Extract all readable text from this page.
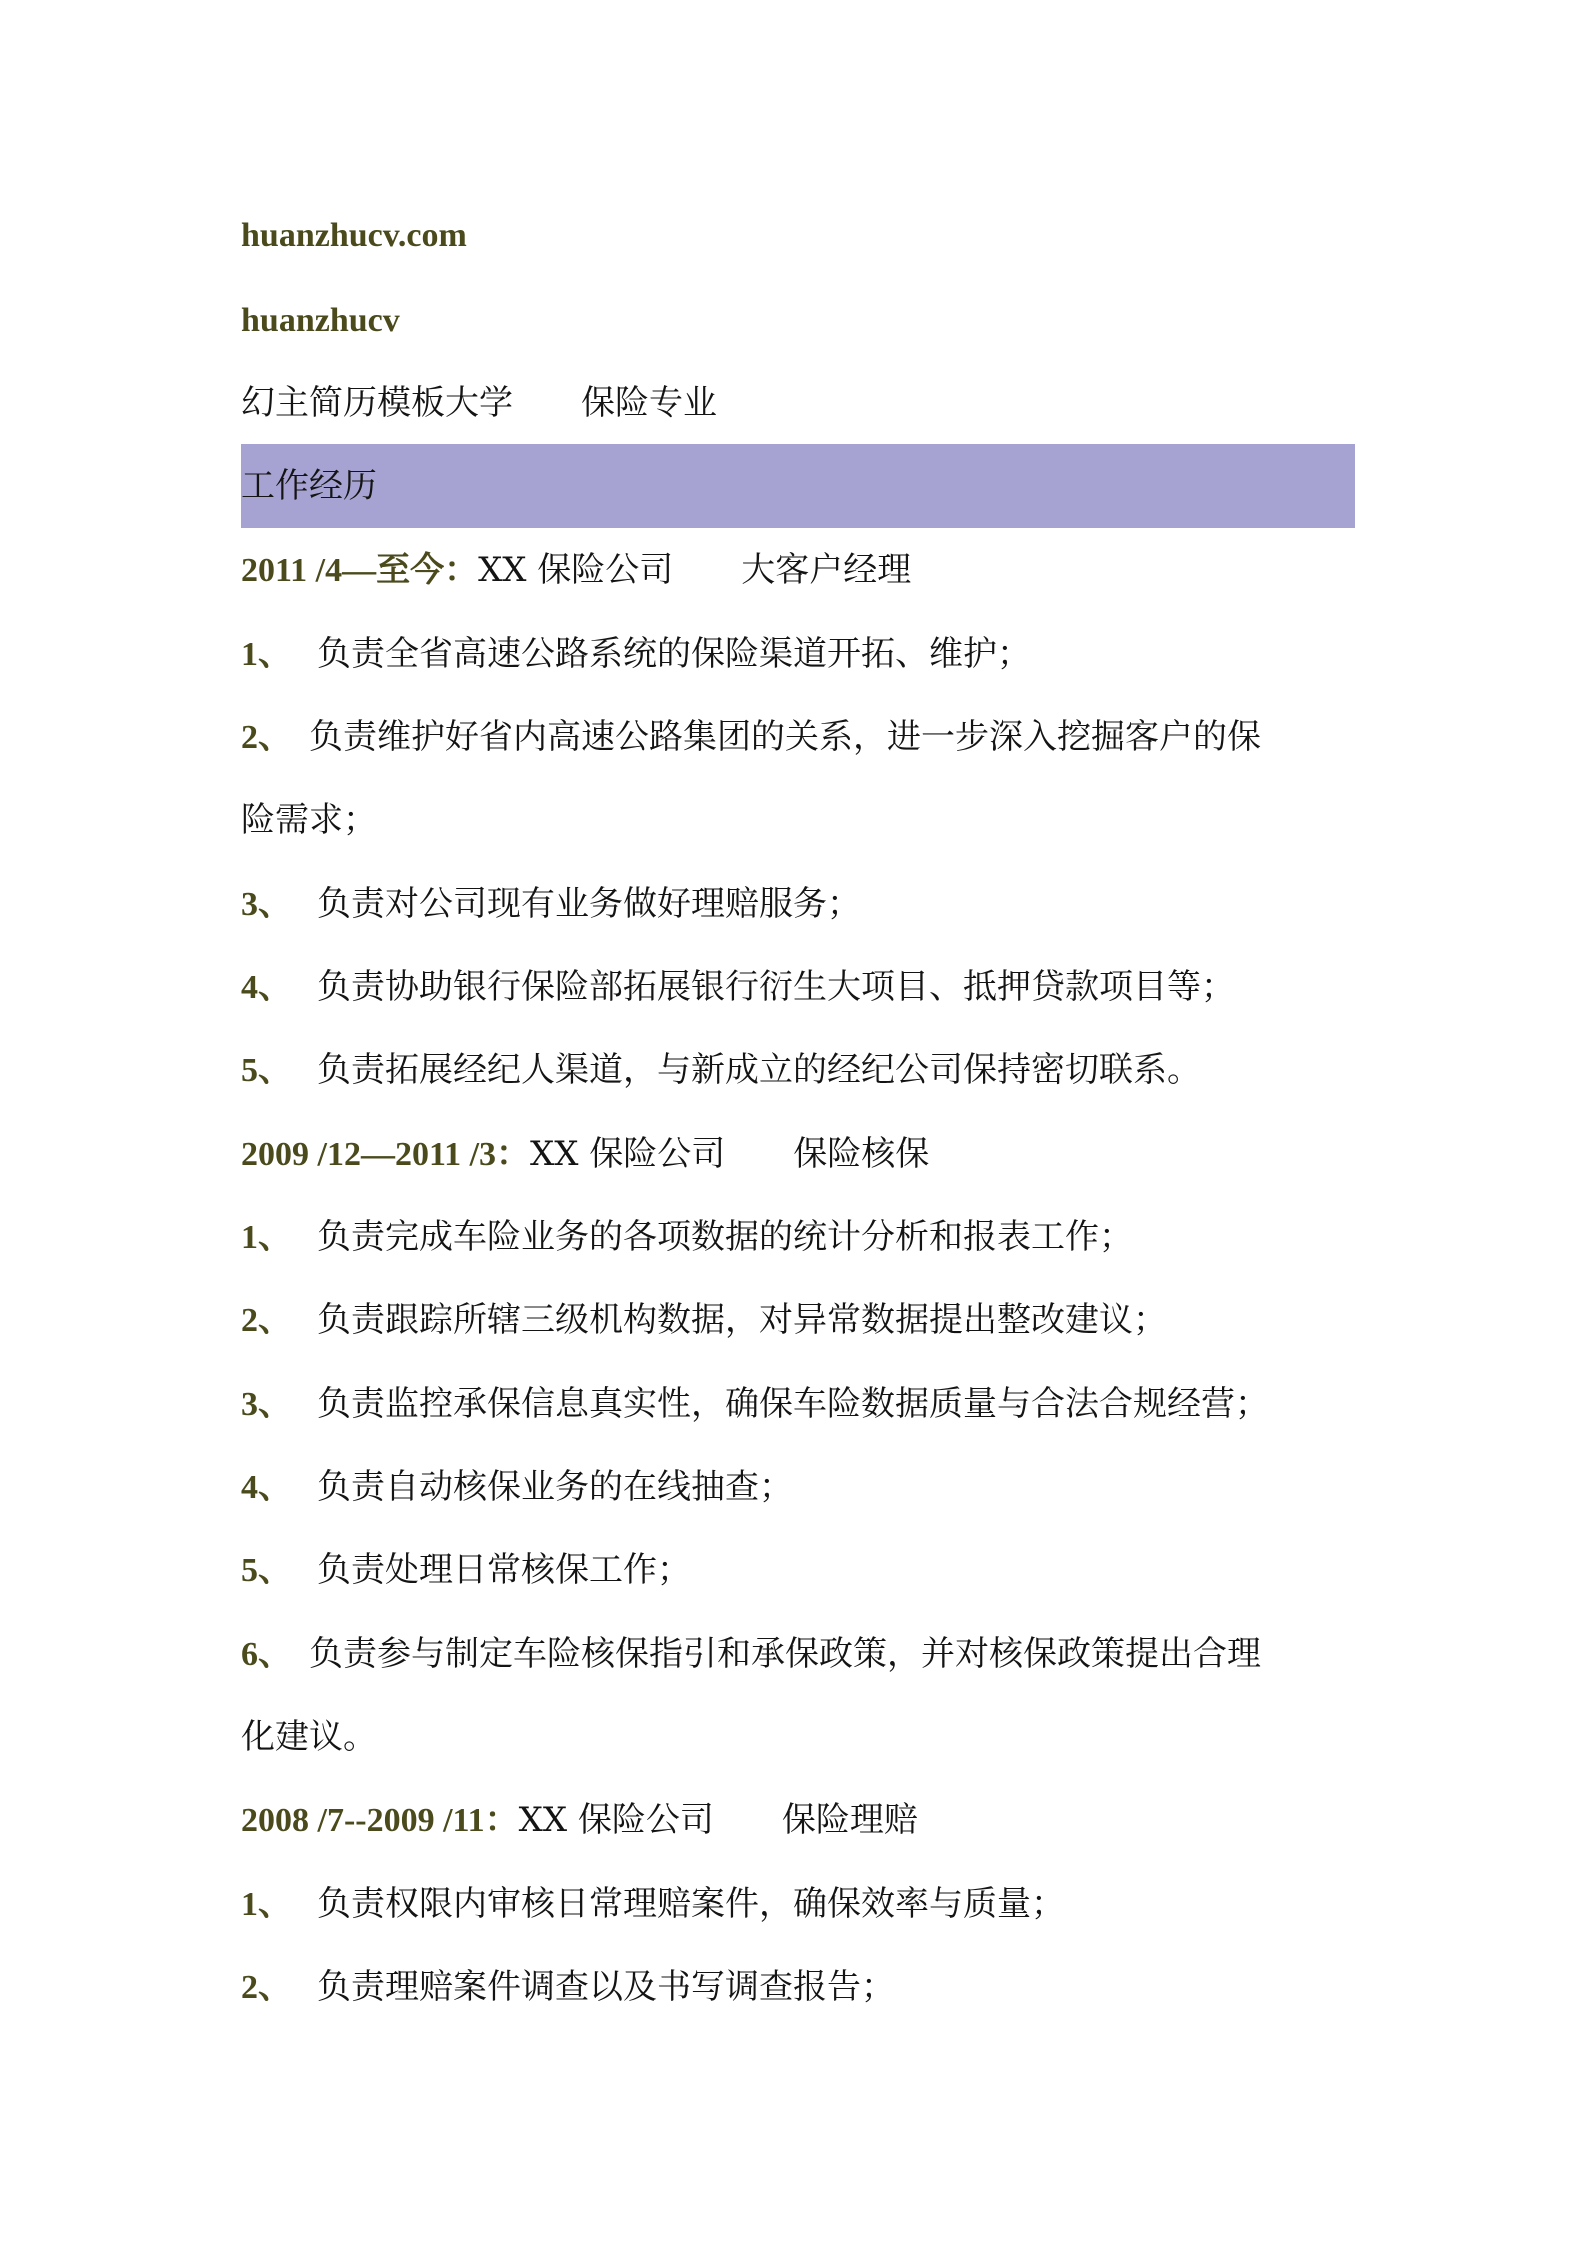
huanzhucv.com
huanzhucv
幻主简历模板大学　　保险专业
工作经历
2011 /4—至今：XX 保险公司　　大客户经理
1、 负责全省高速公路系统的保险渠道开拓、维护；
2、 负责维护好省内高速公路集团的关系，进一步深入挖掘客户的保
险需求；
3、 负责对公司现有业务做好理赔服务；
4、 负责协助银行保险部拓展银行衍生大项目、抵押贷款项目等；
5、 负责拓展经纪人渠道，与新成立的经纪公司保持密切联系。
2009 /12—2011 /3：XX 保险公司　　保险核保
1、 负责完成车险业务的各项数据的统计分析和报表工作；
2、 负责跟踪所辖三级机构数据，对异常数据提出整改建议；
3、 负责监控承保信息真实性，确保车险数据质量与合法合规经营；
4、 负责自动核保业务的在线抽查；
5、 负责处理日常核保工作；
6、 负责参与制定车险核保指引和承保政策，并对核保政策提出合理
化建议。
2008 /7--2009 /11：XX 保险公司　　保险理赔
1、 负责权限内审核日常理赔案件，确保效率与质量；
2、 负责理赔案件调查以及书写调查报告；
